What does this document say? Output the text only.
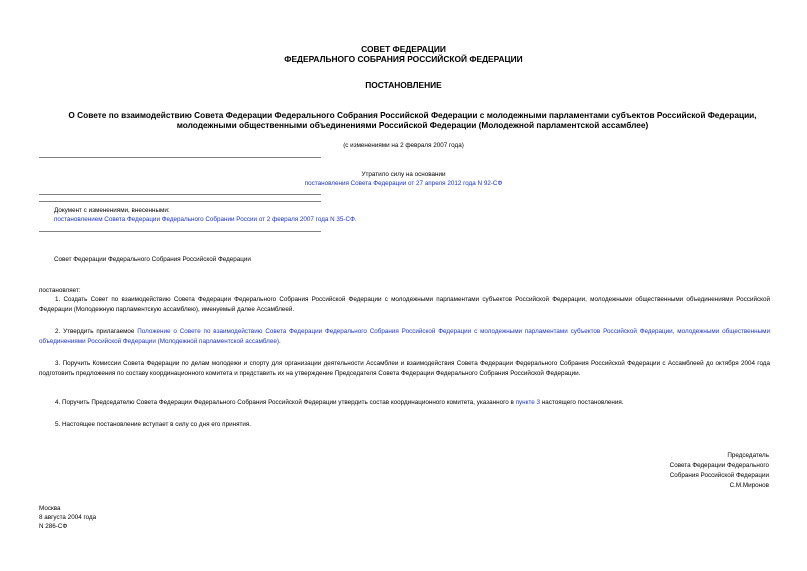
СОВЕТ ФЕДЕРАЦИИ
ФЕДЕРАЛЬНОГО СОБРАНИЯ РОССИЙСКОЙ ФЕДЕРАЦИИ
ПОСТАНОВЛЕНИЕ
О Совете по взаимодействию Совета Федерации Федерального Собрания Российской Федерации с молодежными парламентами субъектов Российской Федерации, молодежными общественными объединениями Российской Федерации (Молодежной парламентской ассамблее)
(с изменениями на 2 февраля 2007 года)
Утратило силу на основании
постановления Совета Федерации от 27 апреля 2012 года N 92-СФ
Документ с изменениями, внесенными:
постановлением Совета Федерации Федерального Собрании России от 2 февраля 2007 года N 35-СФ.
Совет Федерации Федерального Собрания Российской Федерации
постановляет:
1. Создать Совет по взаимодействию Совета Федерации Федерального Собрания Российской Федерации с молодежными парламентами субъектов Российской Федерации, молодежными общественными объединениями Российской Федерации (Молодежную парламентскую ассамблею), именуемый далее Ассамблеей.
2. Утвердить прилагаемое Положение о Совете по взаимодействию Совета Федерации Федерального Собрания Российской Федерации с молодежными парламентами субъектов Российской Федерации, молодежными общественными объединениями Российской Федерации (Молодежной парламентской ассамблее).
3. Поручить Комиссии Совета Федерации по делам молодежи и спорту для организации деятельности Ассамблеи и взаимодействия Совета Федерации Федерального Собрания Российской Федерации с Ассамблеей до октября 2004 года подготовить предложения по составу координационного комитета и представить их на утверждение Председателя Совета Федерации Федерального Собрания Российской Федерации.
4. Поручить Председателю Совета Федерации Федерального Собрания Российской Федерации утвердить состав координационного комитета, указанного в пункте 3 настоящего постановления.
5. Настоящее постановление вступает в силу со дня его принятия.
Председатель
Совета Федерации Федерального
Собрания Российской Федерации
С.М.Миронов
Москва
8 августа 2004 года
N 286-СФ
